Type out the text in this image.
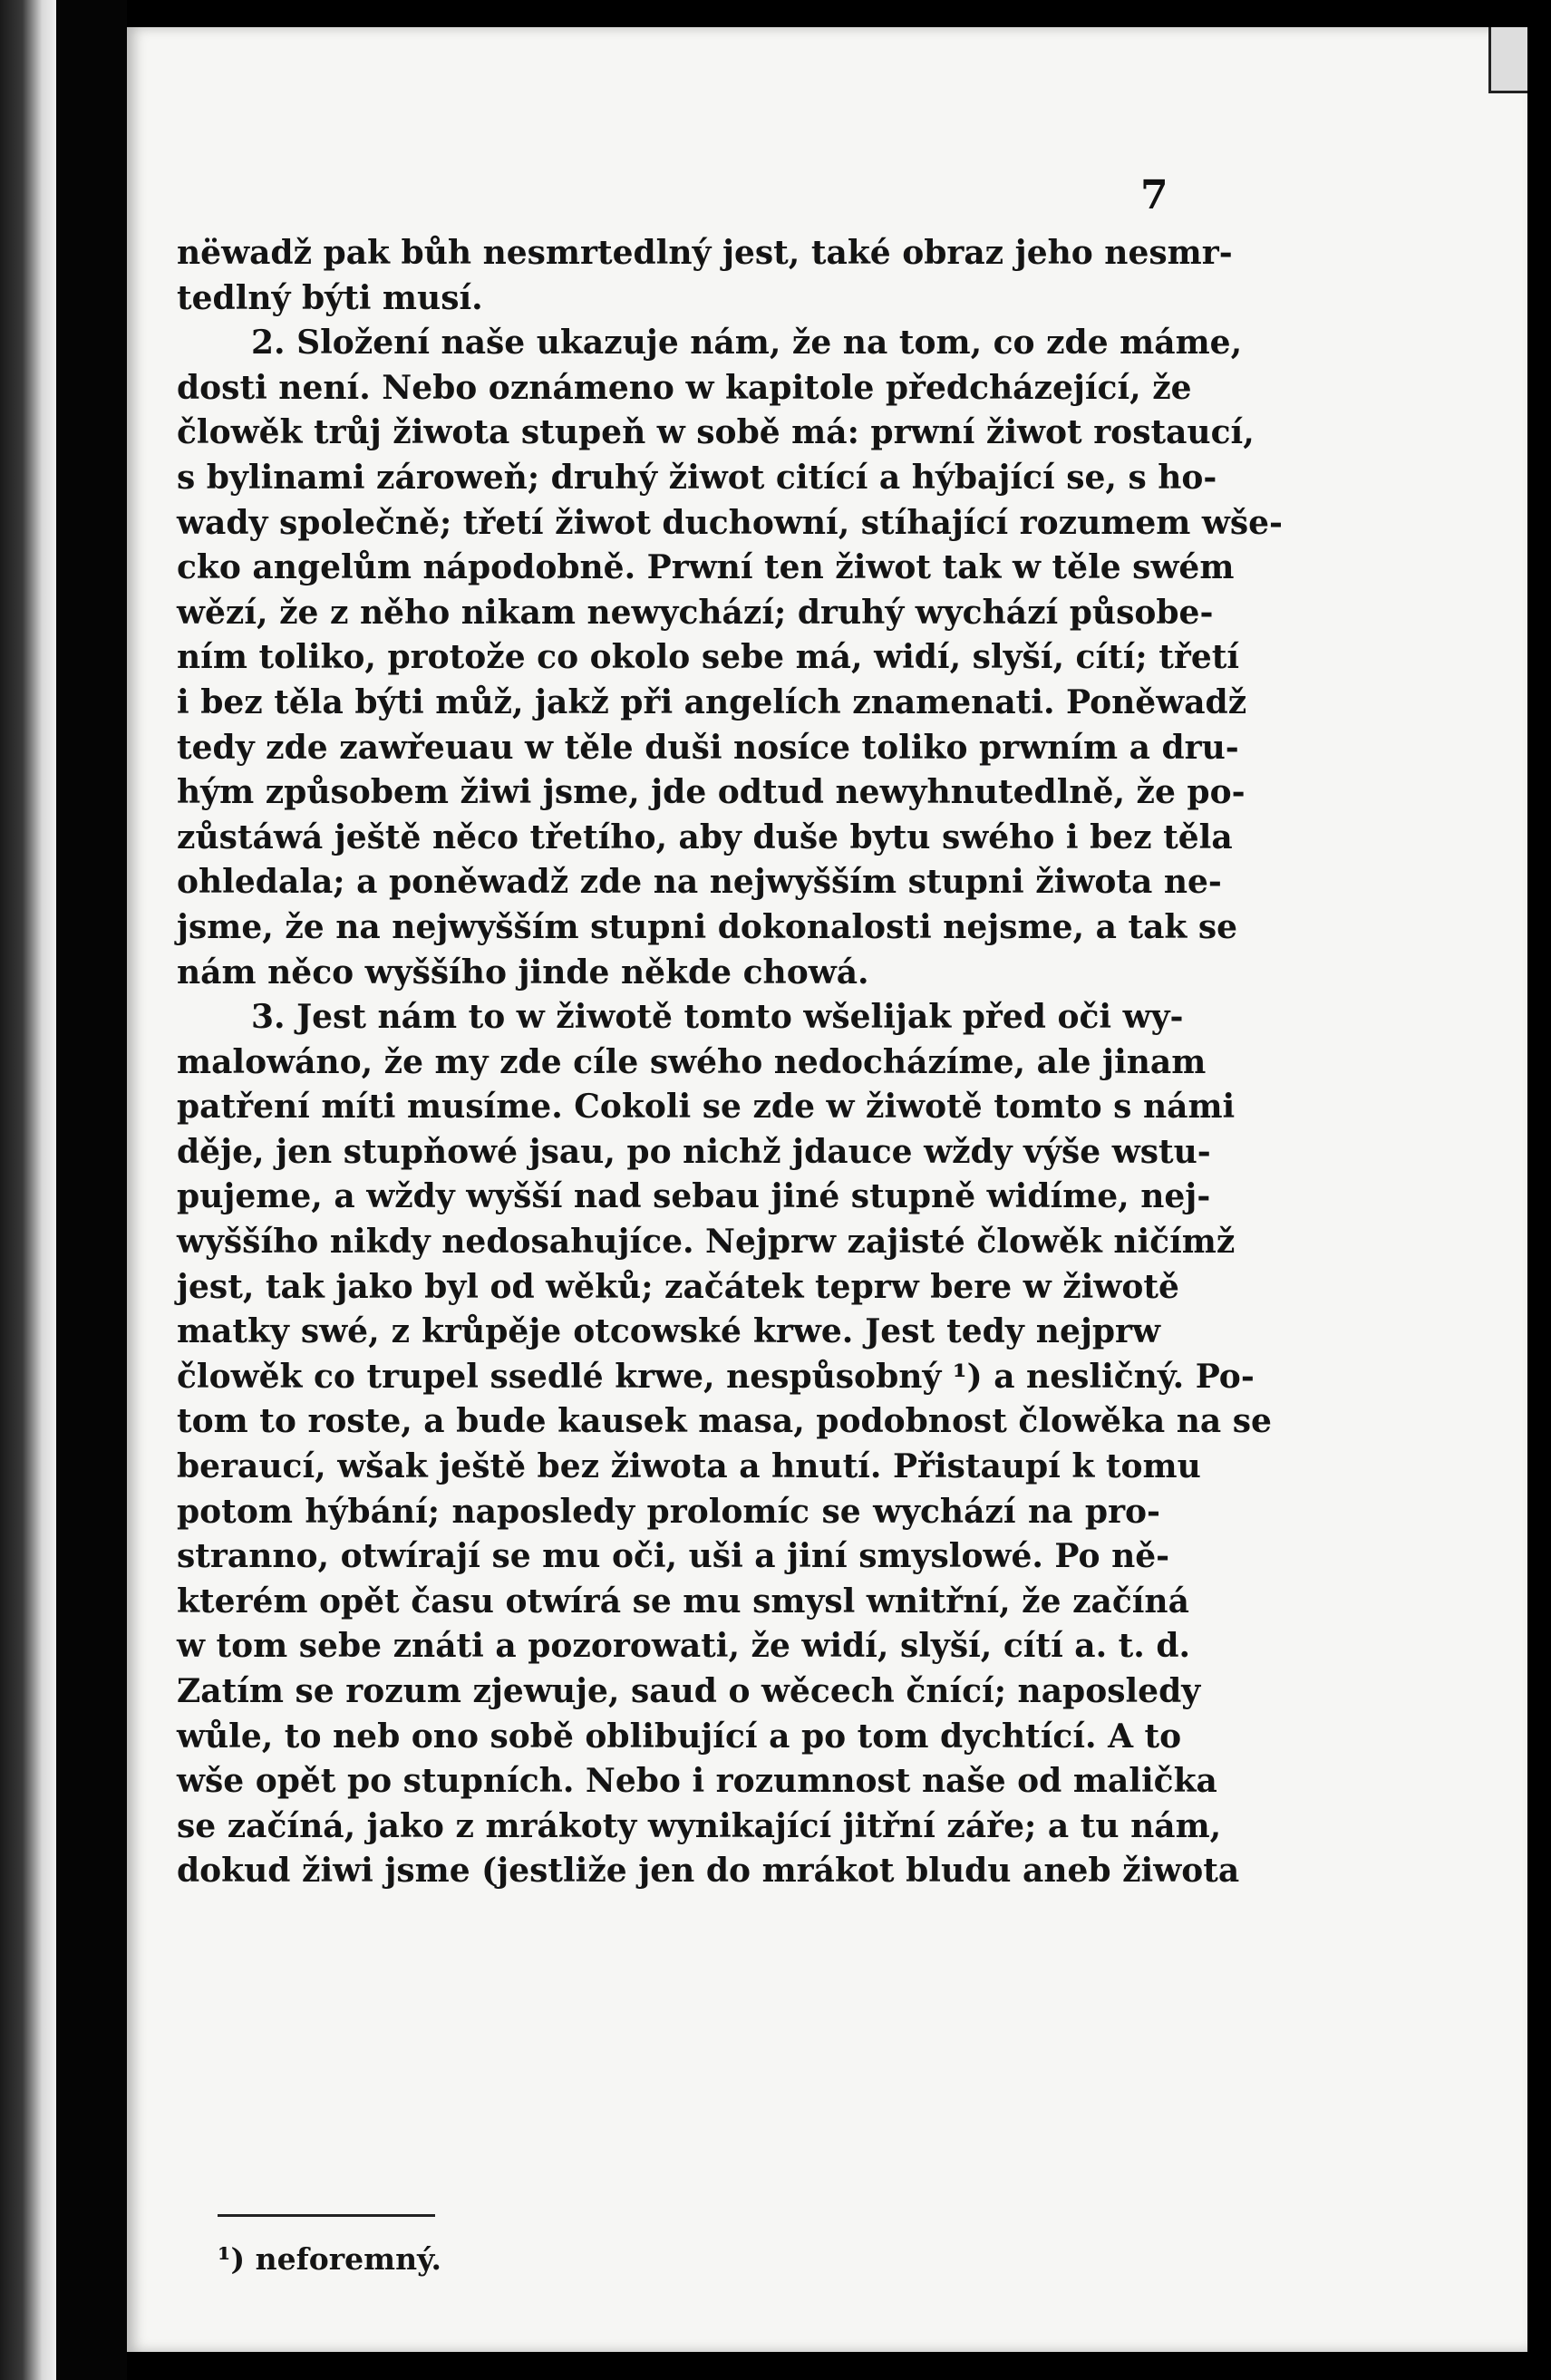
7
nëwadž pak bůh nesmrtedlný jest, také obraz jeho nesmr-
tedlný býti musí.
2. Složení naše ukazuje nám, že na tom, co zde máme,
dosti není. Nebo oznámeno w kapitole předcházející, že
člowěk trůj žiwota stupeň w sobě má: prwní žiwot rostaucí,
s bylinami zároweň; druhý žiwot citící a hýbající se, s ho-
wady společně; třetí žiwot duchowní, stíhající rozumem wše-
cko angelům nápodobně. Prwní ten žiwot tak w těle swém
wězí, že z něho nikam newychází; druhý wychází působe-
ním toliko, protože co okolo sebe má, widí, slyší, cítí; třetí
i bez těla býti můž, jakž při angelích znamenati. Poněwadž
tedy zde zawřeuau w těle duši nosíce toliko prwním a dru-
hým způsobem žiwi jsme, jde odtud newyhnutedlně, že po-
zůstáwá ještě něco třetího, aby duše bytu swého i bez těla
ohledala; a poněwadž zde na nejwyšším stupni žiwota ne-
jsme, že na nejwyšším stupni dokonalosti nejsme, a tak se
nám něco wyššího jinde někde chowá.
3. Jest nám to w žiwotě tomto wšelijak před oči wy-
malowáno, že my zde cíle swého nedocházíme, ale jinam
patření míti musíme. Cokoli se zde w žiwotě tomto s námi
děje, jen stupňowé jsau, po nichž jdauce wždy výše wstu-
pujeme, a wždy wyšší nad sebau jiné stupně widíme, nej-
wyššího nikdy nedosahujíce. Nejprw zajisté člowěk ničímž
jest, tak jako byl od wěků; začátek teprw bere w žiwotě
matky swé, z krůpěje otcowské krwe. Jest tedy nejprw
člowěk co trupel ssedlé krwe, nespůsobný ¹) a nesličný. Po-
tom to roste, a bude kausek masa, podobnost člowěka na se
beraucí, wšak ještě bez žiwota a hnutí. Přistaupí k tomu
potom hýbání; naposledy prolomíc se wychází na pro-
stranno, otwírají se mu oči, uši a jiní smyslowé. Po ně-
kterém opět času otwírá se mu smysl wnitřní, že začíná
w tom sebe znáti a pozorowati, že widí, slyší, cítí a. t. d.
Zatím se rozum zjewuje, saud o wěcech čnící; naposledy
wůle, to neb ono sobě oblibující a po tom dychtící. A to
wše opět po stupních. Nebo i rozumnost naše od malička
se začíná, jako z mrákoty wynikající jitřní záře; a tu nám,
dokud žiwi jsme (jestliže jen do mrákot bludu aneb žiwota
¹) neforemný.
